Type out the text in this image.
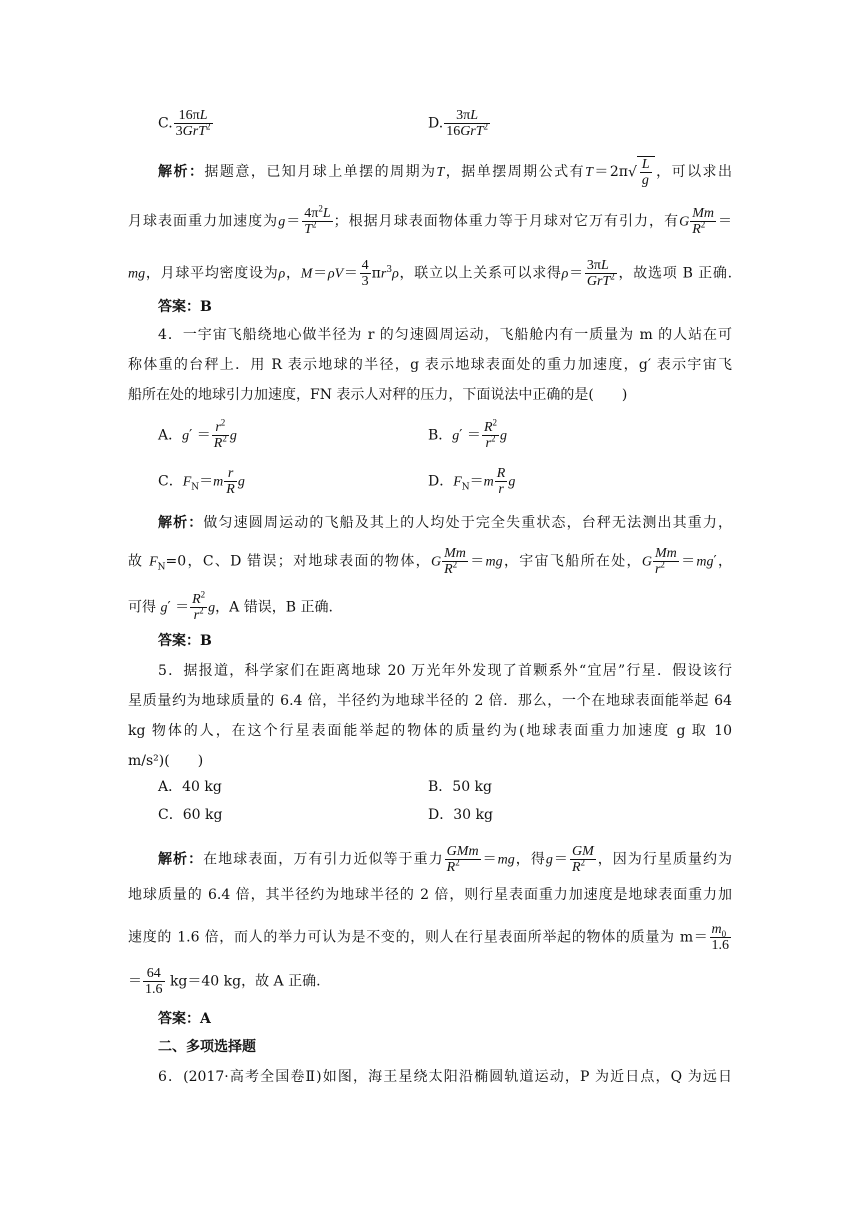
C. $\frac{16\pi L}{3GrT^2}$	D. $\frac{3\pi L}{16GrT^2}$
解析：据题意，已知月球上单摆的周期为T，据单摆周期公式有$T=2\pi√ \frac{L}{g}$ ，可以求出
月球表面重力加速度为$g= \frac{4\pi^2L}{T^2}$ ；根据月球表面物体重力等于月球对它万有引力，有G $\frac{Mm}{R^2}$ ＝
mg，月球平均密度设为ρ，$M=\rho V= \frac{4}{3} \pi r^3\rho$，联立以上关系可以求得$\rho= \frac{3\pi L}{GrT^2}$ ，故选项 B 正确.
答案：B
4．一宇宙飞船绕地心做半径为 r 的匀速圆周运动，飞船舱内有一质量为 m 的人站在可
称体重的台秤上．用 R 表示地球的半径，g 表示地球表面处的重力加速度，g′ 表示宇宙飞
船所在处的地球引力加速度，FN 表示人对秤的压力，下面说法中正确的是(　　)
A．$g' = \frac{r^2}{R^2}$ g	B．$g' = \frac{R^2}{r^2}$ g
C．$F_N=m \frac{r}{R}$ g	D．$F_N=m \frac{R}{r}$ g
解析：做匀速圆周运动的飞船及其上的人均处于完全失重状态，台秤无法测出其重力，
故 $F_N=0$，C、D 错误；对地球表面的物体，G $\frac{Mm}{R^2} =mg$，宇宙飞船所在处，G $\frac{Mm}{r^2} =mg'$，
可得 $g' = \frac{R^2}{r^2}$ g，A 错误，B 正确.
答案：B
5．据报道，科学家们在距离地球 20 万光年外发现了首颗系外“宜居”行星．假设该行
星质量约为地球质量的 6.4 倍，半径约为地球半径的 2 倍．那么，一个在地球表面能举起 64
kg 物体的人，在这个行星表面能举起的物体的质量约为(地球表面重力加速度 g 取 10
m/s²)(　　)
A．40 kg	B．50 kg
C．60 kg	D．30 kg
解析：在地球表面，万有引力近似等于重力 $\frac{\text{GMm}}{R^2} =mg$，得$g= \frac{GM}{R^2}$ ，因为行星质量约为
地球质量的 6.4 倍，其半径约为地球半径的 2 倍，则行星表面重力加速度是地球表面重力加
速度的 1.6 倍，而人的举力可认为是不变的，则人在行星表面所举起的物体的质量为 $m= \frac{m_0}{1.6}$
＝ $\frac{64}{1.6} kg=40$ kg，故 A 正确.
答案：A
二、多项选择题
6．(2017·高考全国卷Ⅱ)如图，海王星绕太阳沿椭圆轨道运动，P 为近日点，Q 为远日
